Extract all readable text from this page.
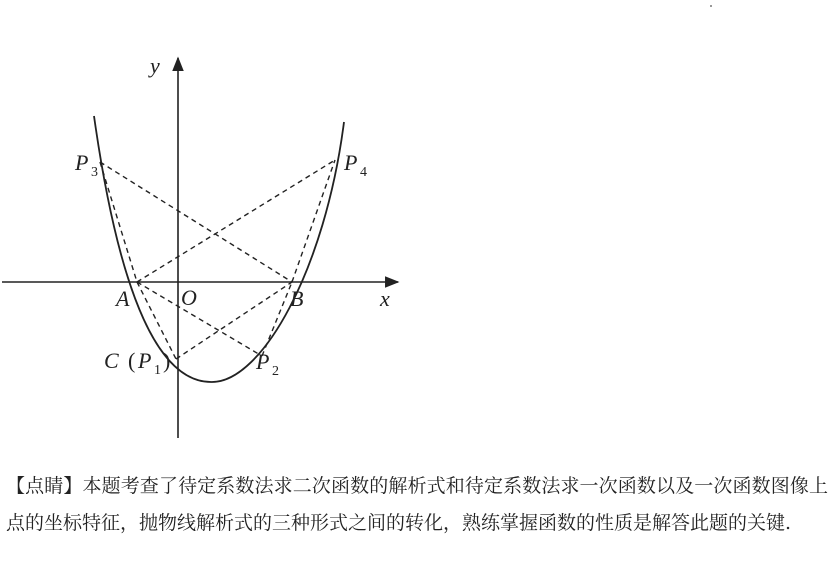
y
x
O
A	B
P 3	P 4
P 2
C ( P 1 )

【点睛】本题考查了待定系数法求二次函数的解析式和待定系数法求一次函数以及一次函数图像上点的坐标特征，抛物线解析式的三种形式之间的转化，熟练掌握函数的性质是解答此题的关键.
